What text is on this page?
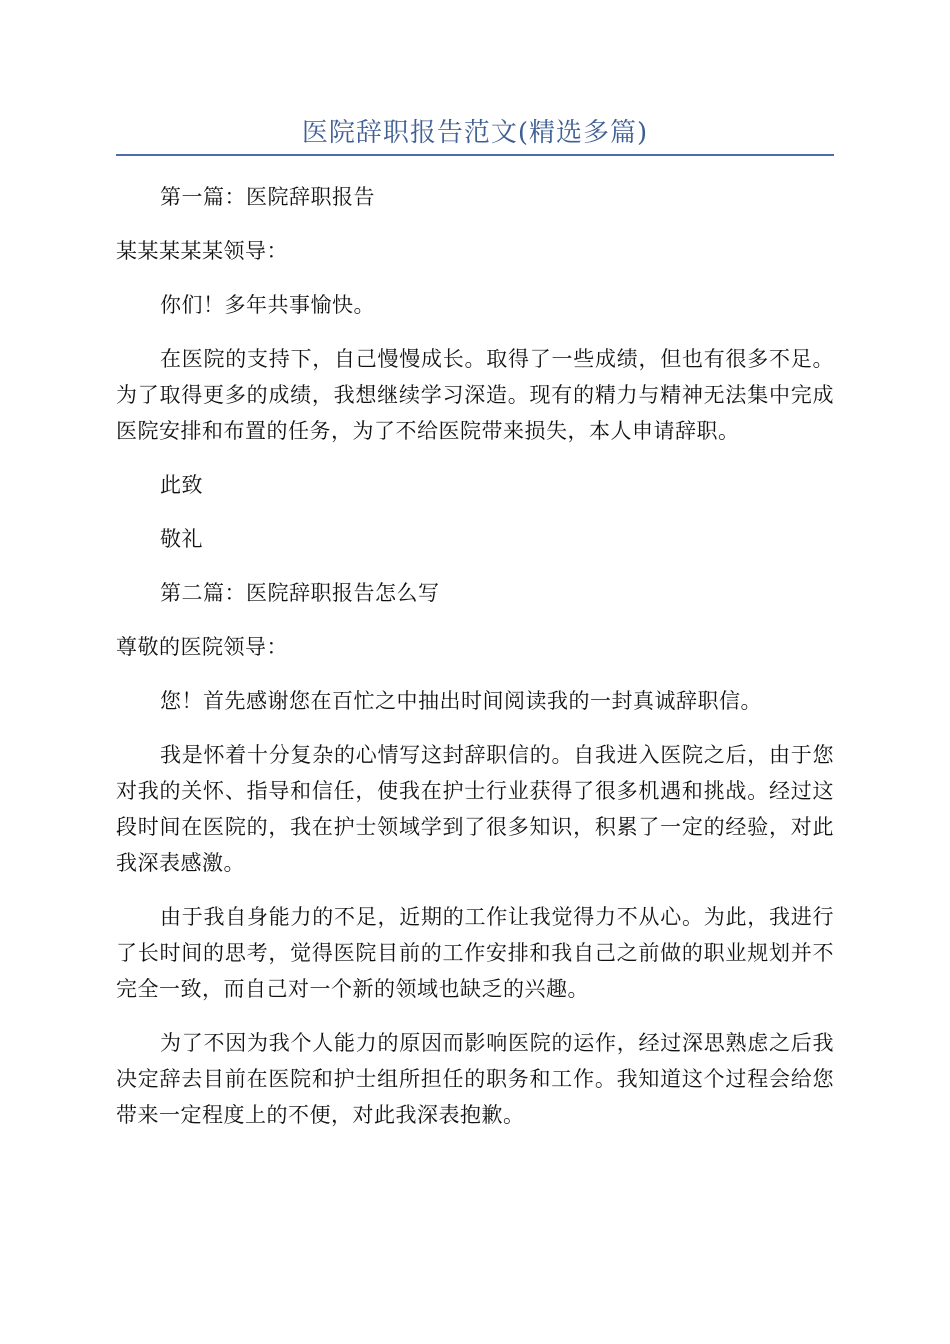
医院辞职报告范文(精选多篇)

第一篇：医院辞职报告

某某某某某领导：

你们！多年共事愉快。

在医院的支持下，自己慢慢成长。取得了一些成绩，但也有很多不足。为了取得更多的成绩，我想继续学习深造。现有的精力与精神无法集中完成医院安排和布置的任务，为了不给医院带来损失，本人申请辞职。

此致

敬礼

第二篇：医院辞职报告怎么写

尊敬的医院领导：

您！首先感谢您在百忙之中抽出时间阅读我的一封真诚辞职信。

我是怀着十分复杂的心情写这封辞职信的。自我进入医院之后，由于您对我的关怀、指导和信任，使我在护士行业获得了很多机遇和挑战。经过这段时间在医院的，我在护士领域学到了很多知识，积累了一定的经验，对此我深表感激。

由于我自身能力的不足，近期的工作让我觉得力不从心。为此，我进行了长时间的思考，觉得医院目前的工作安排和我自己之前做的职业规划并不完全一致，而自己对一个新的领域也缺乏的兴趣。

为了不因为我个人能力的原因而影响医院的运作，经过深思熟虑之后我决定辞去目前在医院和护士组所担任的职务和工作。我知道这个过程会给您带来一定程度上的不便，对此我深表抱歉。
